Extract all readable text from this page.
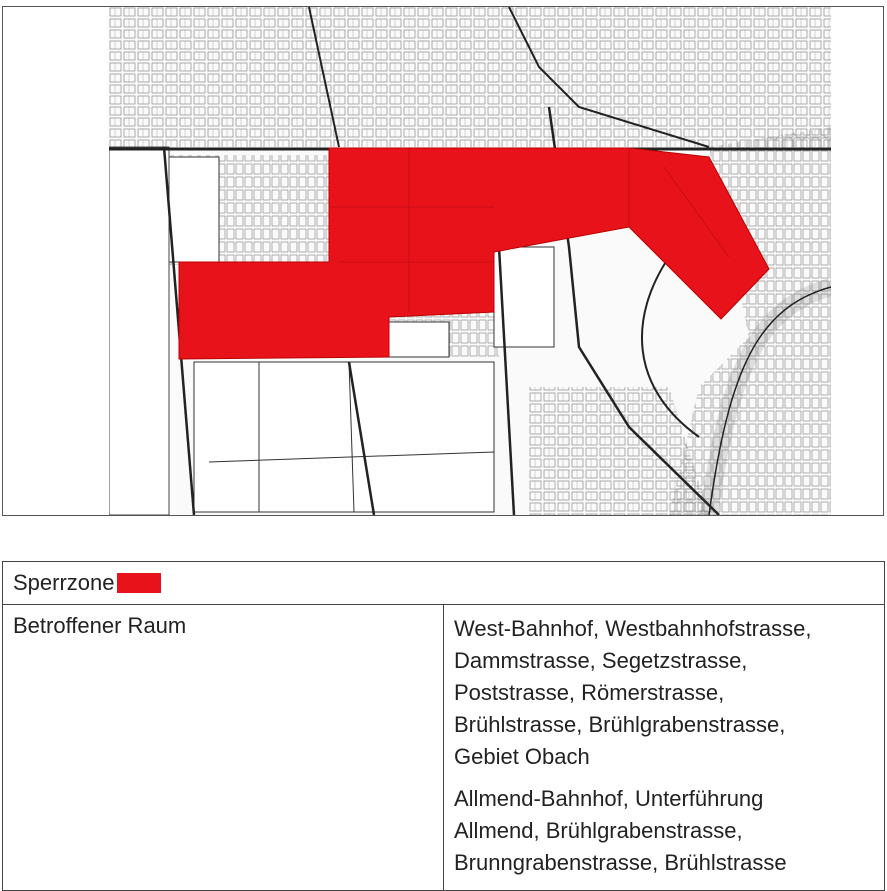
Sperrzone
Betroffener Raum	West-Bahnhof, Westbahnhofstrasse,
Dammstrasse, Segetzstrasse,
Poststrasse, Römerstrasse,
Brühlstrasse, Brühlgrabenstrasse,
Gebiet Obach
Allmend-Bahnhof, Unterführung
Allmend, Brühlgrabenstrasse,
Brunngrabenstrasse, Brühlstrasse
